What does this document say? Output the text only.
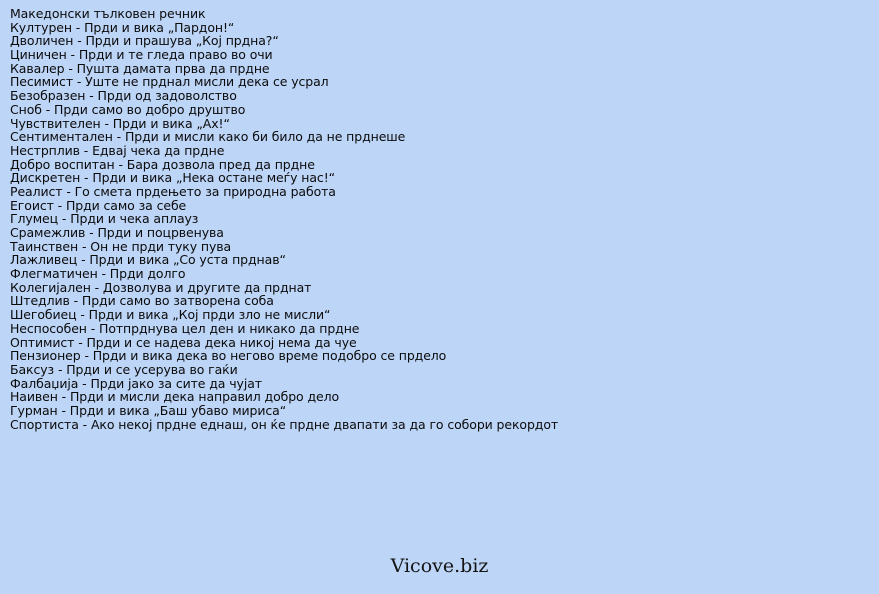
Македонски тълковен речник
Културен - Прди и вика „Пардон!“
Дволичен - Прди и прашува „Кој прдна?“
Циничен - Прди и те гледа право во очи
Кавалер - Пушта дамата прва да прдне
Песимист - Уште не прднал мисли дека се усрал
Безобразен - Прди од задоволство
Сноб - Прди само во добро друштво
Чувствителен - Прди и вика „Ах!“
Сентиментален - Прди и мисли како би било да не прднеше
Нестрплив - Едвај чека да прдне
Добро воспитан - Бара дозвола пред да прдне
Дискретен - Прди и вика „Нека остане меѓу нас!“
Реалист - Го смета прдењето за природна работа
Егоист - Прди само за себе
Глумец - Прди и чека аплауз
Срамежлив - Прди и поцрвенува
Таинствен - Он не прди туку пува
Лажливец - Прди и вика „Со уста прднав“
Флегматичен - Прди долго
Колегијален - Дозволува и другите да прднат
Штедлив - Прди само во затворена соба
Шегобиец - Прди и вика „Кој прди зло не мисли“
Неспособен - Потпрднува цел ден и никако да прдне
Оптимист - Прди и се надева дека никој нема да чуе
Пензионер - Прди и вика дека во негово време подобро се прдело
Баксуз - Прди и се усерува во гаќи
Фалбаџија - Прди јако за сите да чујат
Наивен - Прди и мисли дека направил добро дело
Гурман - Прди и вика „Баш убаво мириса“
Спортиста - Ако некој прдне еднаш, он ќе прдне двапати за да го собори рекордот
Vicove.biz
